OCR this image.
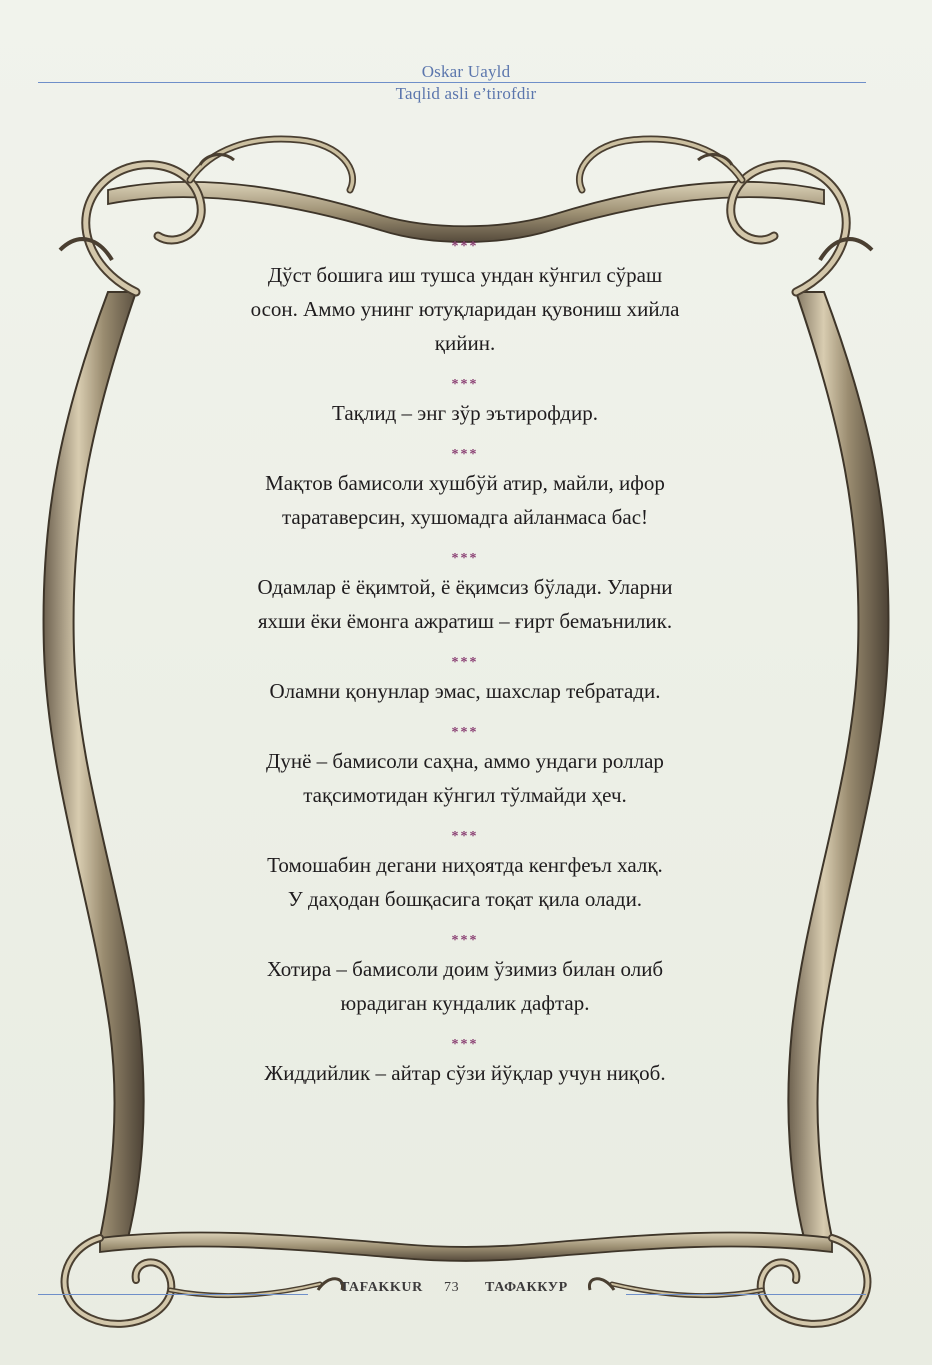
Oskar Uayld
Taqlid asli e’tirofdir
***

Дўст бошига иш тушса ундан кўнгил сўраш
осон. Аммо унинг ютуқларидан қувониш хийла
қийин.

***

Тақлид – энг зўр эътирофдир.

***

Мақтов бамисоли хушбўй атир, майли, ифор
таратаверсин, хушомадга айланмаса бас!

***

Одамлар ё ёқимтой, ё ёқимсиз бўлади. Уларни
яхши ёки ёмонга ажратиш – ғирт бемаънилик.

***

Оламни қонунлар эмас, шахслар тебратади.

***

Дунё – бамисоли саҳна, аммо ундаги роллар
тақсимотидан кўнгил тўлмайди ҳеч.

***

Томошабин дегани ниҳоятда кенгфеъл халқ.
У даҳодан бошқасига тоқат қила олади.

***

Хотира – бамисоли доим ўзимиз билан олиб
юрадиган кундалик дафтар.

***

Жиддийлик – айтар сўзи йўқлар учун ниқоб.

TAFAKKUR 73 ТАФАККУР
